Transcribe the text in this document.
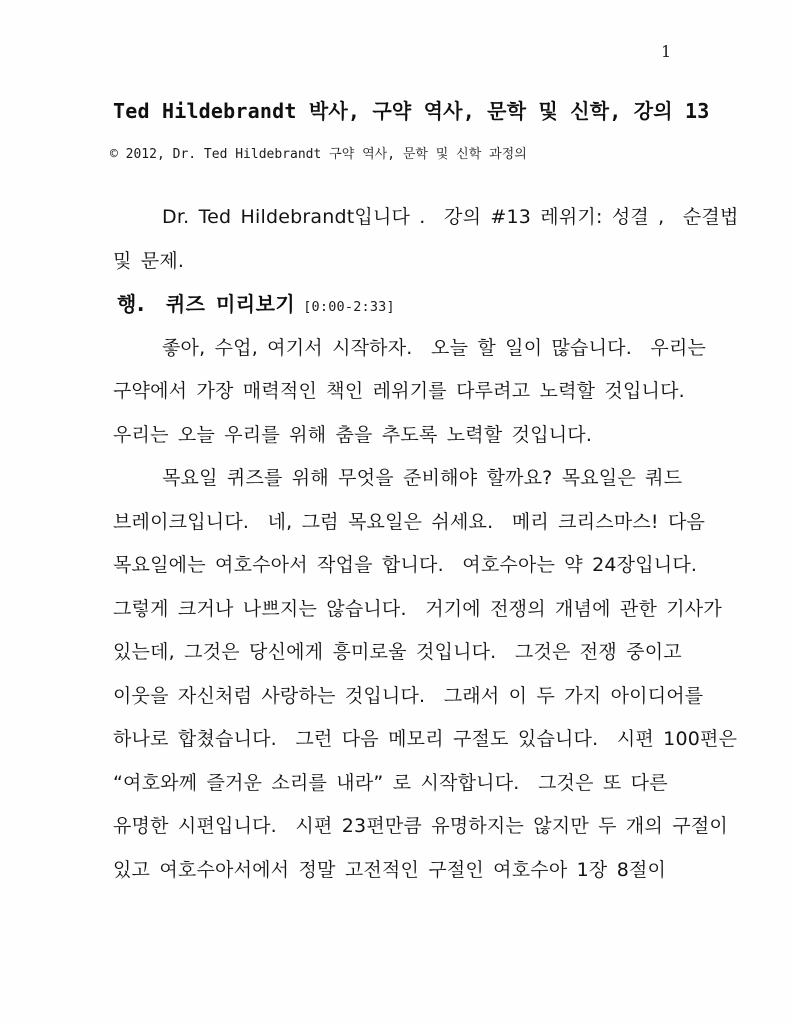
1
Ted Hildebrandt 박사, 구약 역사, 문학 및 신학, 강의 13
© 2012, Dr. Ted Hildebrandt 구약 역사, 문학 및 신학 과정의
Dr. Ted Hildebrandt입니다 .  강의 #13 레위기: 성결 ,  순결법
및 문제.
행.  퀴즈 미리보기 [0:00-2:33]
좋아, 수업, 여기서 시작하자.  오늘 할 일이 많습니다.  우리는
구약에서 가장 매력적인 책인 레위기를 다루려고 노력할 것입니다.
우리는 오늘 우리를 위해 춤을 추도록 노력할 것입니다.
목요일 퀴즈를 위해 무엇을 준비해야 할까요? 목요일은 쿼드
브레이크입니다.  네, 그럼 목요일은 쉬세요.  메리 크리스마스! 다음
목요일에는 여호수아서 작업을 합니다.  여호수아는 약 24장입니다.
그렇게 크거나 나쁘지는 않습니다.  거기에 전쟁의 개념에 관한 기사가
있는데, 그것은 당신에게 흥미로울 것입니다.  그것은 전쟁 중이고
이웃을 자신처럼 사랑하는 것입니다.  그래서 이 두 가지 아이디어를
하나로 합쳤습니다.  그런 다음 메모리 구절도 있습니다.  시편 100편은
“여호와께 즐거운 소리를 내라” 로 시작합니다.  그것은 또 다른
유명한 시편입니다.  시편 23편만큼 유명하지는 않지만 두 개의 구절이
있고 여호수아서에서 정말 고전적인 구절인 여호수아 1장 8절이
